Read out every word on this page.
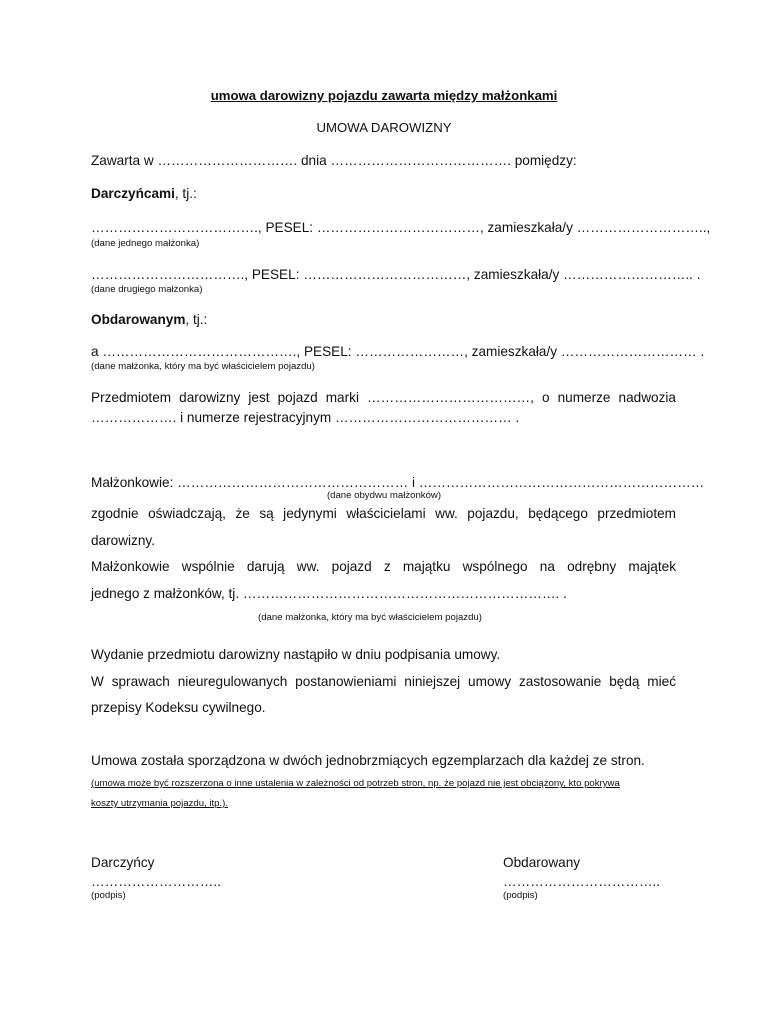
umowa darowizny pojazdu zawarta między małżonkami
UMOWA DAROWIZNY
Zawarta w …………………………. dnia …………………………………. pomiędzy:
Darczyńcami, tj.:
………………………………., PESEL: ………………………………, zamieszkała/y ………………………..,
(dane jednego małżonka)
……………………………., PESEL: ………………………………, zamieszkała/y ……………………….. .
(dane drugiego małżonka)
Obdarowanym, tj.:
a ……………………………………., PESEL: ……………………, zamieszkała/y ………………………… .
(dane małżonka, który ma być właścicielem pojazdu)
Przedmiotem darowizny jest pojazd marki ………………………………, o numerze nadwozia
………………. i numerze rejestracyjnym ………………………………… .
Małżonkowie: …………………………………………… i ………………………………………………………
(dane obydwu małżonków)
zgodnie oświadczają, że są jedynymi właścicielami ww. pojazdu, będącego przedmiotem
darowizny.
Małżonkowie wspólnie darują ww. pojazd z majątku wspólnego na odrębny majątek
jednego z małżonków, tj. ……………………………………………………………. .
(dane małżonka, który ma być właścicielem pojazdu)
Wydanie przedmiotu darowizny nastąpiło w dniu podpisania umowy.
W sprawach nieuregulowanych postanowieniami niniejszej umowy zastosowanie będą mieć
przepisy Kodeksu cywilnego.
Umowa została sporządzona w dwóch jednobrzmiących egzemplarzach dla każdej ze stron.
(umowa może być rozszerzona o inne ustalenia w zależności od potrzeb stron, np. że pojazd nie jest obciążony, kto pokrywa
koszty utrzymania pojazdu, itp.).
Darczyńcy
………………………..
(podpis)
Obdarowany
……………………………..
(podpis)
